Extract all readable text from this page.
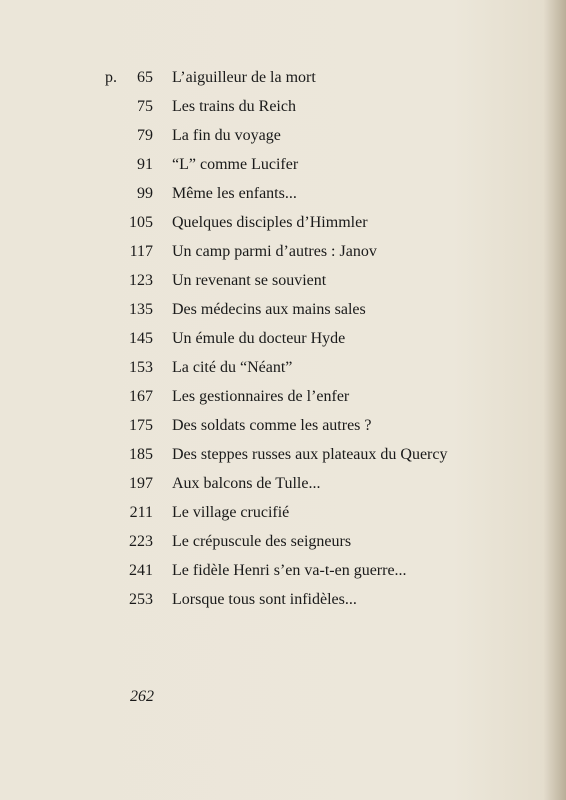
p. 65 L’aiguilleur de la mort
75 Les trains du Reich
79 La fin du voyage
91 “L” comme Lucifer
99 Même les enfants...
105 Quelques disciples d’Himmler
117 Un camp parmi d’autres : Janov
123 Un revenant se souvient
135 Des médecins aux mains sales
145 Un émule du docteur Hyde
153 La cité du “Néant”
167 Les gestionnaires de l’enfer
175 Des soldats comme les autres ?
185 Des steppes russes aux plateaux du Quercy
197 Aux balcons de Tulle...
211 Le village crucifié
223 Le crépuscule des seigneurs
241 Le fidèle Henri s’en va-t-en guerre...
253 Lorsque tous sont infidèles...
262
